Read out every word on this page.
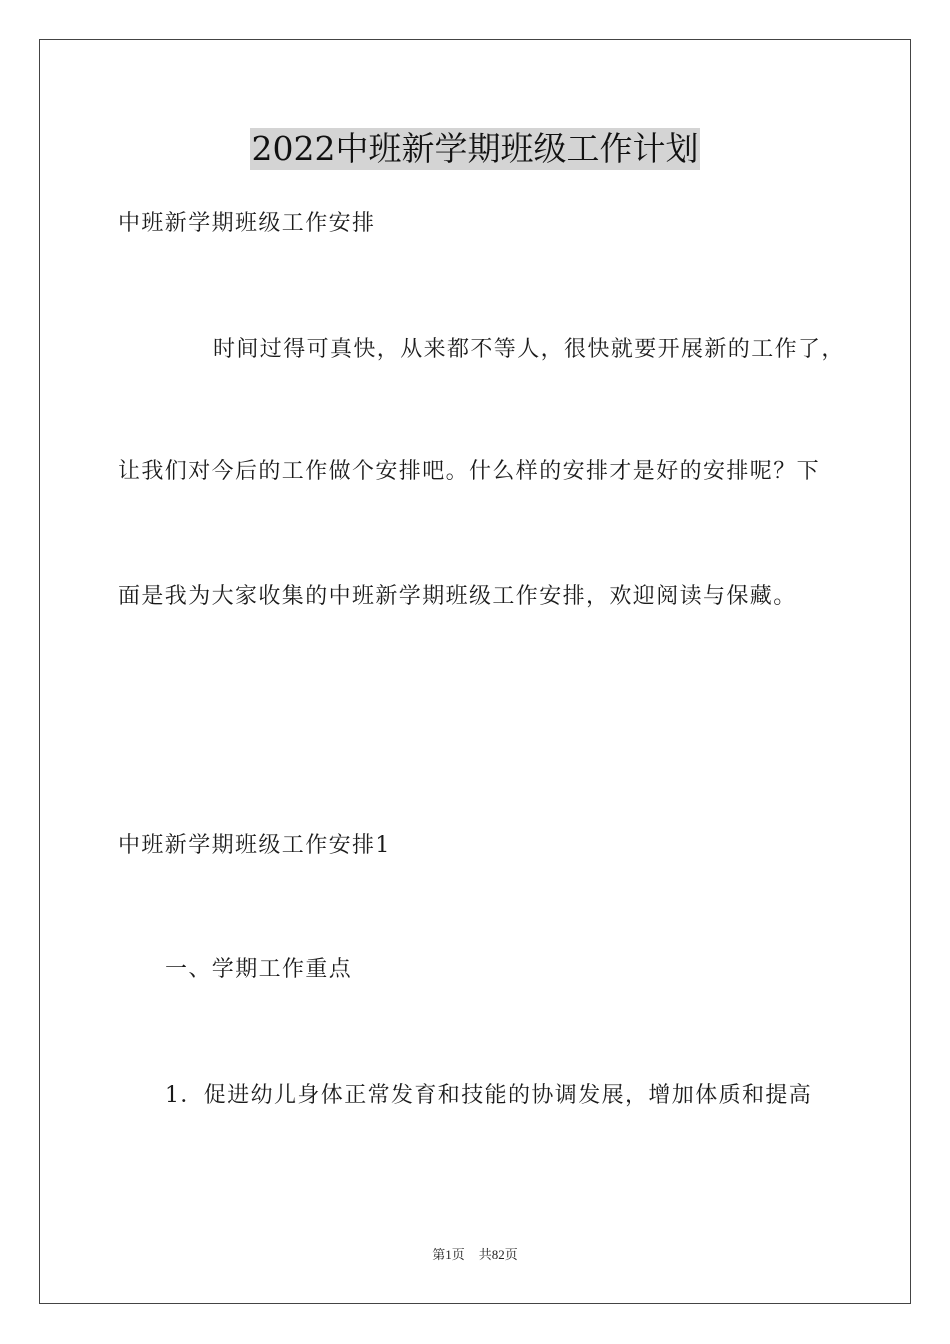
2022中班新学期班级工作计划
中班新学期班级工作安排
时间过得可真快，从来都不等人，很快就要开展新的工作了，
让我们对今后的工作做个安排吧。什么样的安排才是好的安排呢？下
面是我为大家收集的中班新学期班级工作安排，欢迎阅读与保藏。
中班新学期班级工作安排1
一、学期工作重点
1．促进幼儿身体正常发育和技能的协调发展，增加体质和提高
第1页 共82页
